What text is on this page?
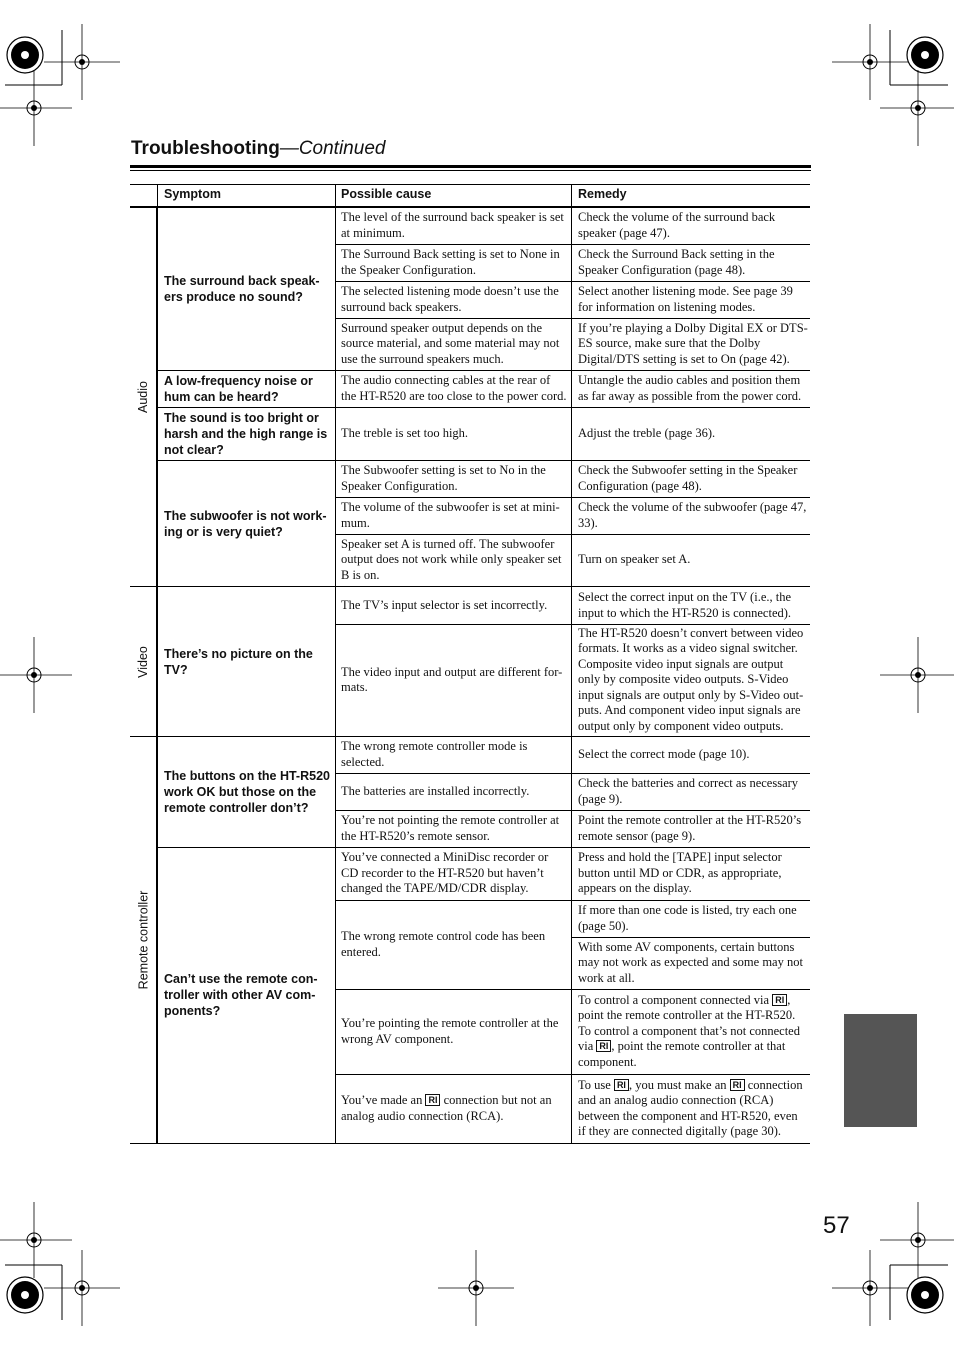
Troubleshooting—Continued
Symptom	Possible cause	Remedy
Audio
Video
Remote controller
The surround back speak-ers produce no sound?
A low-frequency noise or hum can be heard?
The sound is too bright or harsh and the high range is not clear?
The subwoofer is not work-ing or is very quiet?
There’s no picture on the TV?
The buttons on the HT-R520 work OK but those on the remote controller don’t?
Can’t use the remote con-troller with other AV com-ponents?
The level of the surround back speaker is set at minimum.
The Surround Back setting is set to None in the Speaker Configuration.
The selected listening mode doesn’t use the surround back speakers.
Surround speaker output depends on the source material, and some material may not use the surround speakers much.
The audio connecting cables at the rear of the HT-R520 are too close to the power cord.
The treble is set too high.
The Subwoofer setting is set to No in the Speaker Configuration.
The volume of the subwoofer is set at mini-mum.
Speaker set A is turned off. The subwoofer output does not work while only speaker set B is on.
The TV’s input selector is set incorrectly.
The video input and output are different for-mats.
The wrong remote controller mode is selected.
The batteries are installed incorrectly.
You’re not pointing the remote controller at the HT-R520’s remote sensor.
You’ve connected a MiniDisc recorder or CD recorder to the HT-R520 but haven’t changed the TAPE/MD/CDR display.
The wrong remote control code has been entered.
You’re pointing the remote controller at the wrong AV component.
You’ve made an RI connection but not an analog audio connection (RCA).
Check the volume of the surround back speaker (page 47).
Check the Surround Back setting in the Speaker Configuration (page 48).
Select another listening mode. See page 39 for information on listening modes.
If you’re playing a Dolby Digital EX or DTS-ES source, make sure that the Dolby Digital/DTS setting is set to On (page 42).
Untangle the audio cables and position them as far away as possible from the power cord.
Adjust the treble (page 36).
Check the Subwoofer setting in the Speaker Configuration (page 48).
Check the volume of the subwoofer (page 47, 33).
Turn on speaker set A.
Select the correct input on the TV (i.e., the input to which the HT-R520 is connected).
The HT-R520 doesn’t convert between video formats. It works as a video signal switcher. Composite video input signals are output only by composite video outputs. S-Video input signals are output only by S-Video out-puts. And component video input signals are output only by component video outputs.
Select the correct mode (page 10).
Check the batteries and correct as necessary (page 9).
Point the remote controller at the HT-R520’s remote sensor (page 9).
Press and hold the [TAPE] input selector button until MD or CDR, as appropriate, appears on the display.
If more than one code is listed, try each one (page 50).
With some AV components, certain buttons may not work as expected and some may not work at all.
To control a component connected via RI , point the remote controller at the HT-R520. To control a component that’s not connected via RI , point the remote controller at that component.
To use RI , you must make an RI connection and an analog audio connection (RCA) between the component and HT-R520, even if they are connected digitally (page 30).
57
